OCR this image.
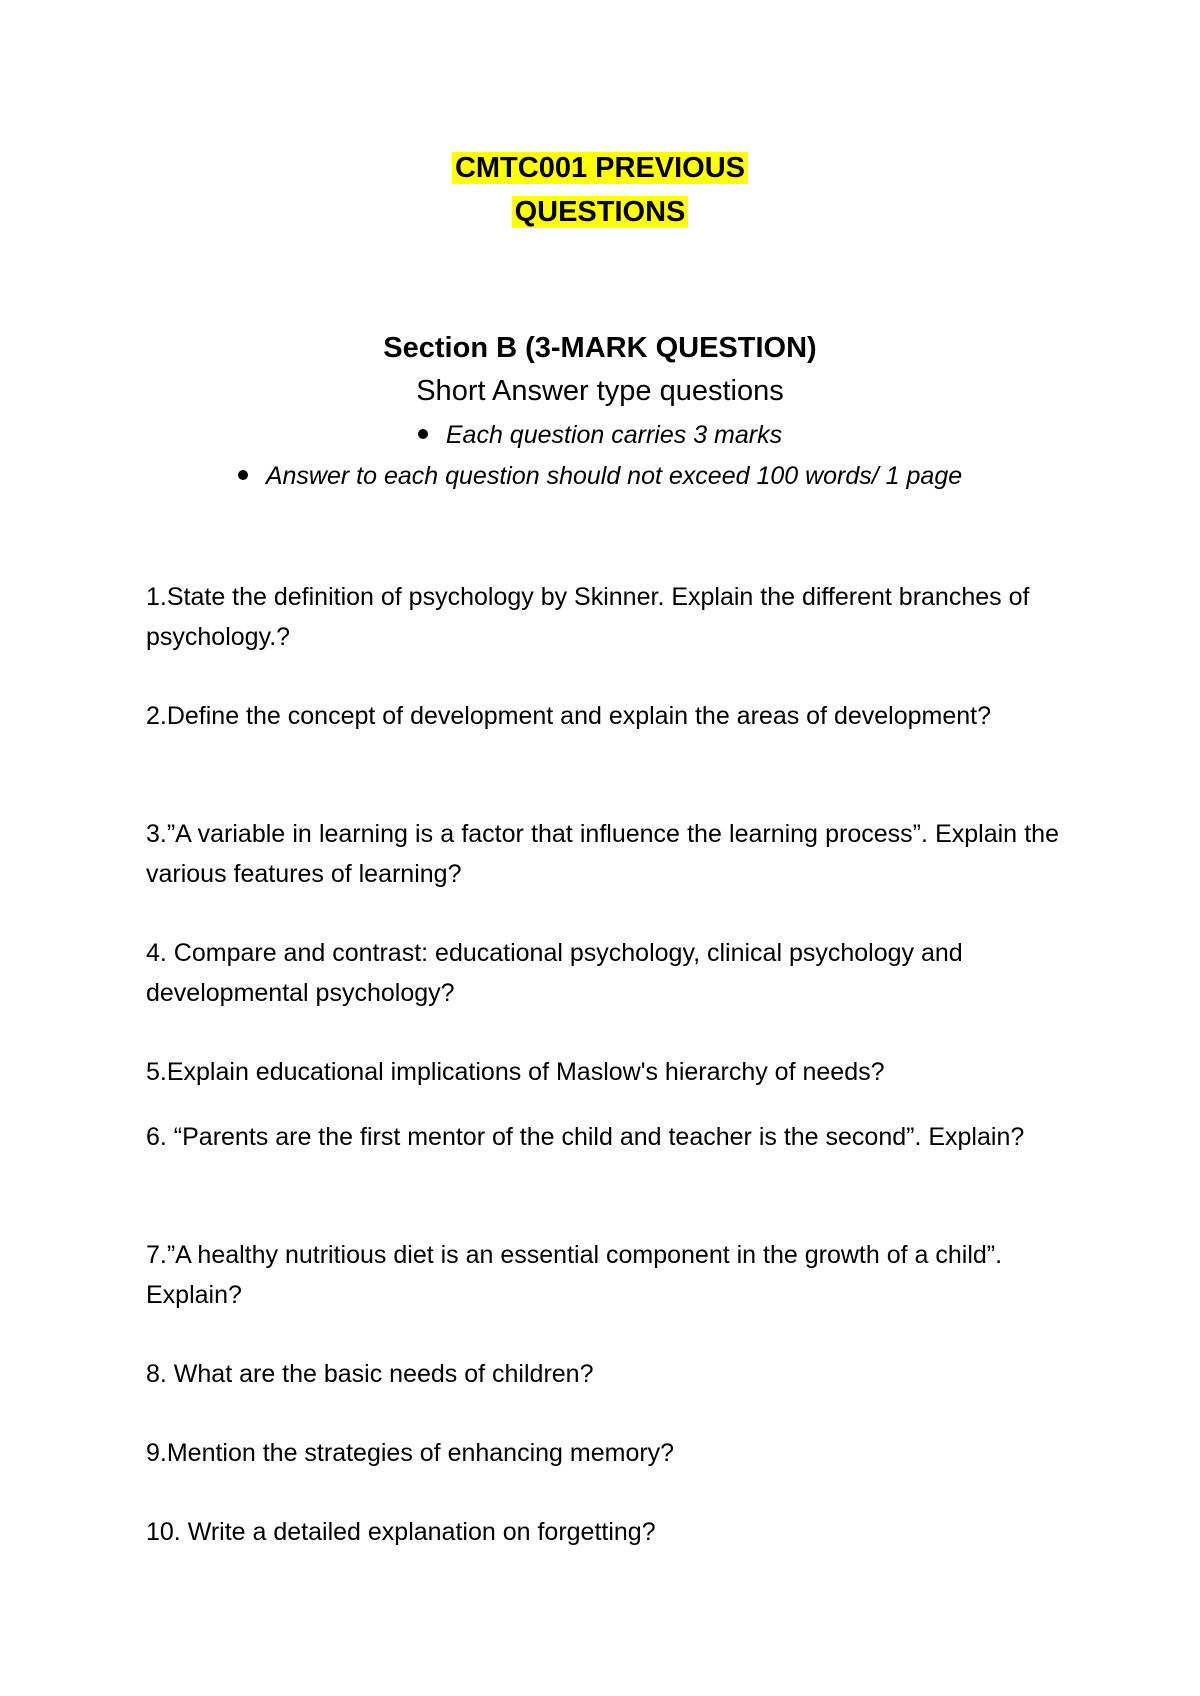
CMTC001 PREVIOUS
QUESTIONS
Section B (3-MARK QUESTION)
Short Answer type questions
Each question carries 3 marks
Answer to each question should not exceed 100 words/ 1 page
1.State the definition of psychology by Skinner. Explain the different branches of psychology.?
2.Define the concept of development and explain the areas of development?
3.”A variable in learning is a factor that influence the learning process”. Explain the various features of learning?
4. Compare and contrast: educational psychology, clinical psychology and developmental psychology?
5.Explain educational implications of Maslow's hierarchy of needs?
6. “Parents are the first mentor of the child and teacher is the second”. Explain?
7.”A healthy nutritious diet is an essential component in the growth of a child”. Explain?
8. What are the basic needs of children?
9.Mention the strategies of enhancing memory?
10. Write a detailed explanation on forgetting?
